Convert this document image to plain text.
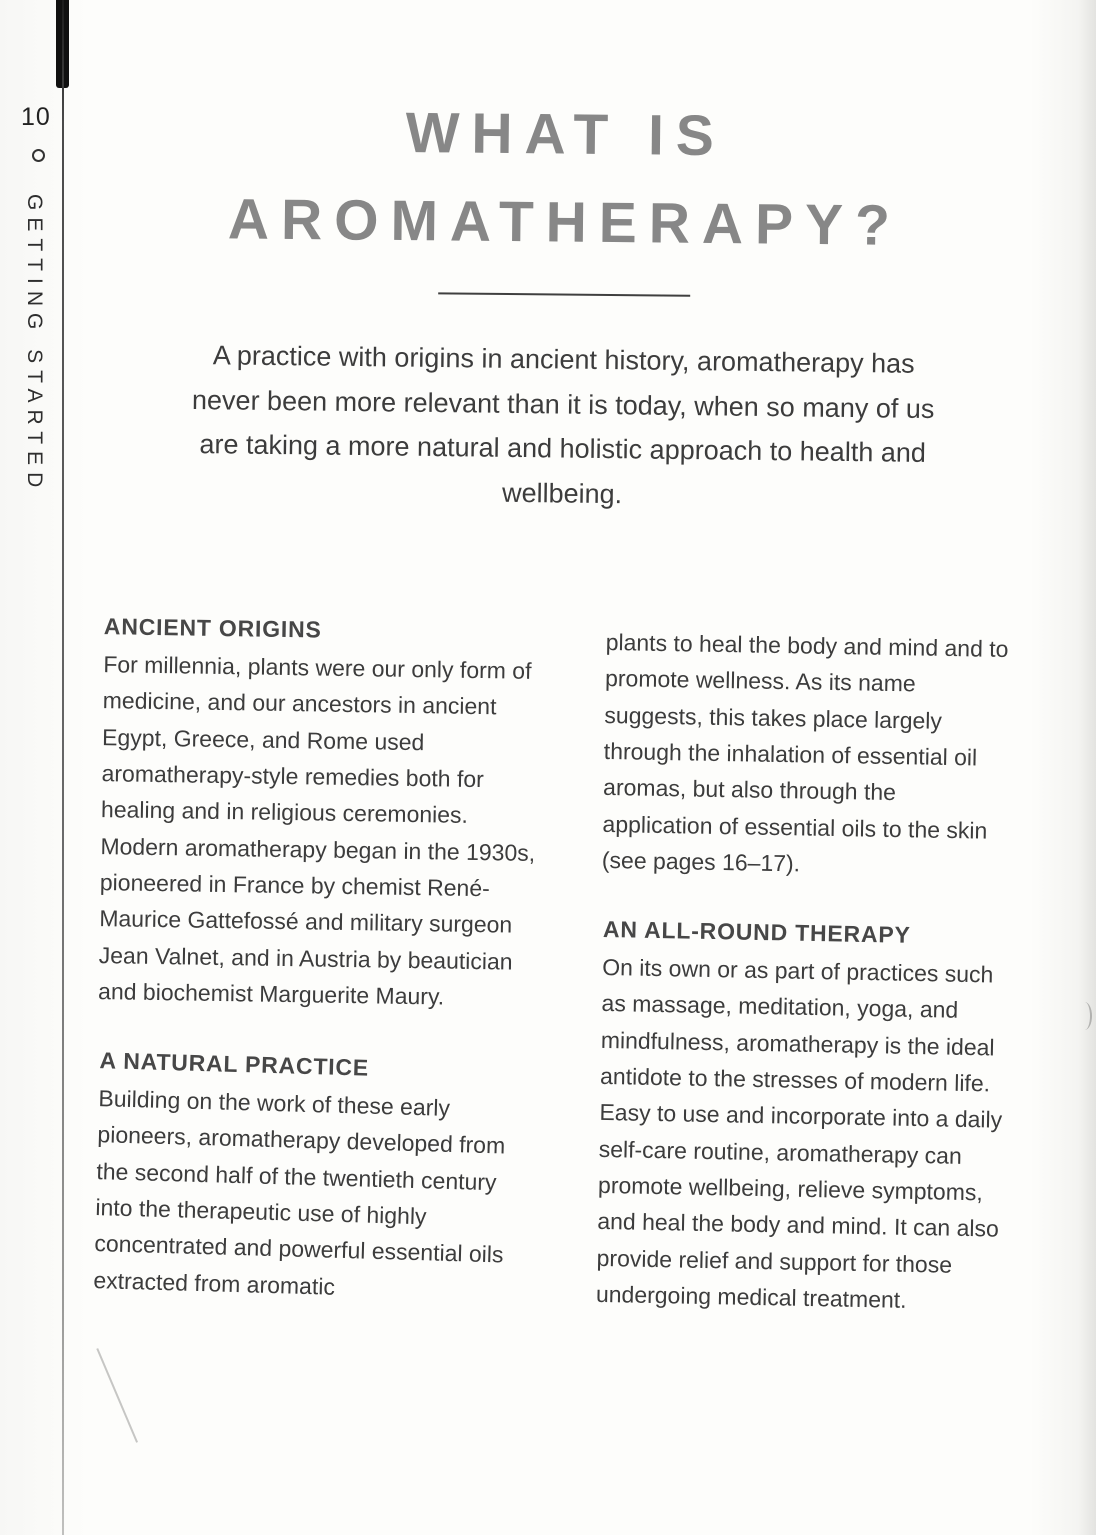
10
GETTING STARTED
WHAT IS
AROMATHERAPY?

A practice with origins in ancient history, aromatherapy has never been more relevant than it is today, when so many of us are taking a more natural and holistic approach to health and wellbeing.

ANCIENT ORIGINS

For millennia, plants were our only form of medicine, and our ancestors in ancient Egypt, Greece, and Rome used aromatherapy-style remedies both for healing and in religious ceremonies. Modern aromatherapy began in the 1930s, pioneered in France by chemist René-Maurice Gattefossé and military surgeon Jean Valnet, and in Austria by beautician and biochemist Marguerite Maury.

A NATURAL PRACTICE

Building on the work of these early pioneers, aromatherapy developed from the second half of the twentieth century into the therapeutic use of highly concentrated and powerful essential oils extracted from aromatic

plants to heal the body and mind and to promote wellness. As its name suggests, this takes place largely through the inhalation of essential oil aromas, but also through the application of essential oils to the skin (see pages 16–17).

AN ALL-ROUND THERAPY

On its own or as part of practices such as massage, meditation, yoga, and mindfulness, aromatherapy is the ideal antidote to the stresses of modern life. Easy to use and incorporate into a daily self-care routine, aromatherapy can promote wellbeing, relieve symptoms, and heal the body and mind. It can also provide relief and support for those undergoing medical treatment.
